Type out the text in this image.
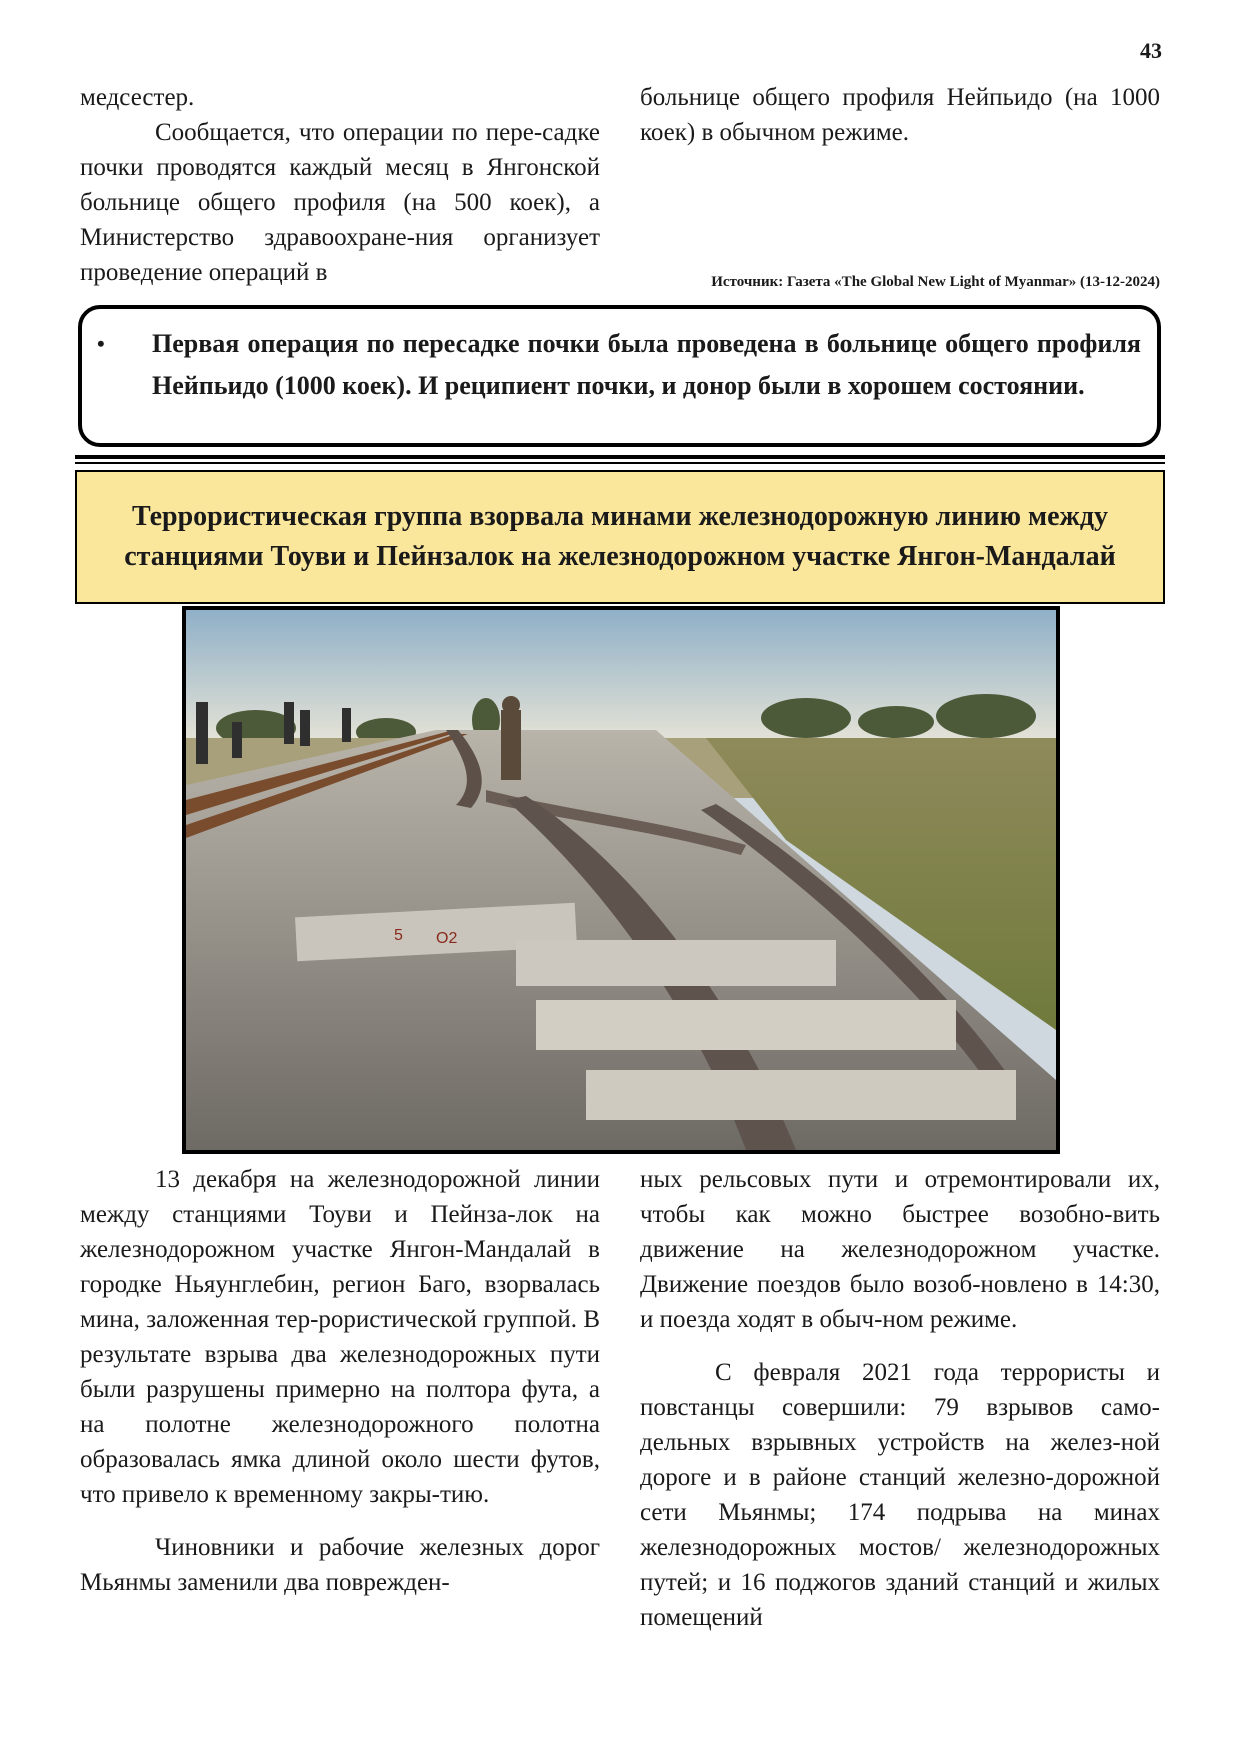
43

медсестер.

Сообщается, что операции по пере-садке почки проводятся каждый месяц в Янгонской больнице общего профиля (на 500 коек), а Министерство здравоохране-ния организует проведение операций в

больнице общего профиля Нейпьидо (на 1000 коек) в обычном режиме.

Источник: Газета «The Global New Light of Myanmar» (13-12-2024)
• Первая операция по пересадке почки была проведена в больнице общего профиля Нейпьидо (1000 коек). И реципиент почки, и донор были в хорошем состоянии.

Террористическая группа взорвала минами железнодорожную линию между станциями Тоуви и Пейнзалок на железнодорожном участке Янгон-Мандалай
5 O2

13 декабря на железнодорожной линии между станциями Тоуви и Пейнза-лок на железнодорожном участке Янгон-Мандалай в городке Ньяунглебин, регион Баго, взорвалась мина, заложенная тер-рористической группой. В результате взрыва два железнодорожных пути были разрушены примерно на полтора фута, а на полотне железнодорожного полотна образовалась ямка длиной около шести футов, что привело к временному закры-тию.

Чиновники и рабочие железных дорог Мьянмы заменили два поврежден-

ных рельсовых пути и отремонтировали их, чтобы как можно быстрее возобно-вить движение на железнодорожном участке. Движение поездов было возоб-новлено в 14:30, и поезда ходят в обыч-ном режиме.

С февраля 2021 года террористы и повстанцы совершили: 79 взрывов само-дельных взрывных устройств на желез-ной дороге и в районе станций железно-дорожной сети Мьянмы; 174 подрыва на минах железнодорожных мостов/ железнодорожных путей; и 16 поджогов зданий станций и жилых помещений
